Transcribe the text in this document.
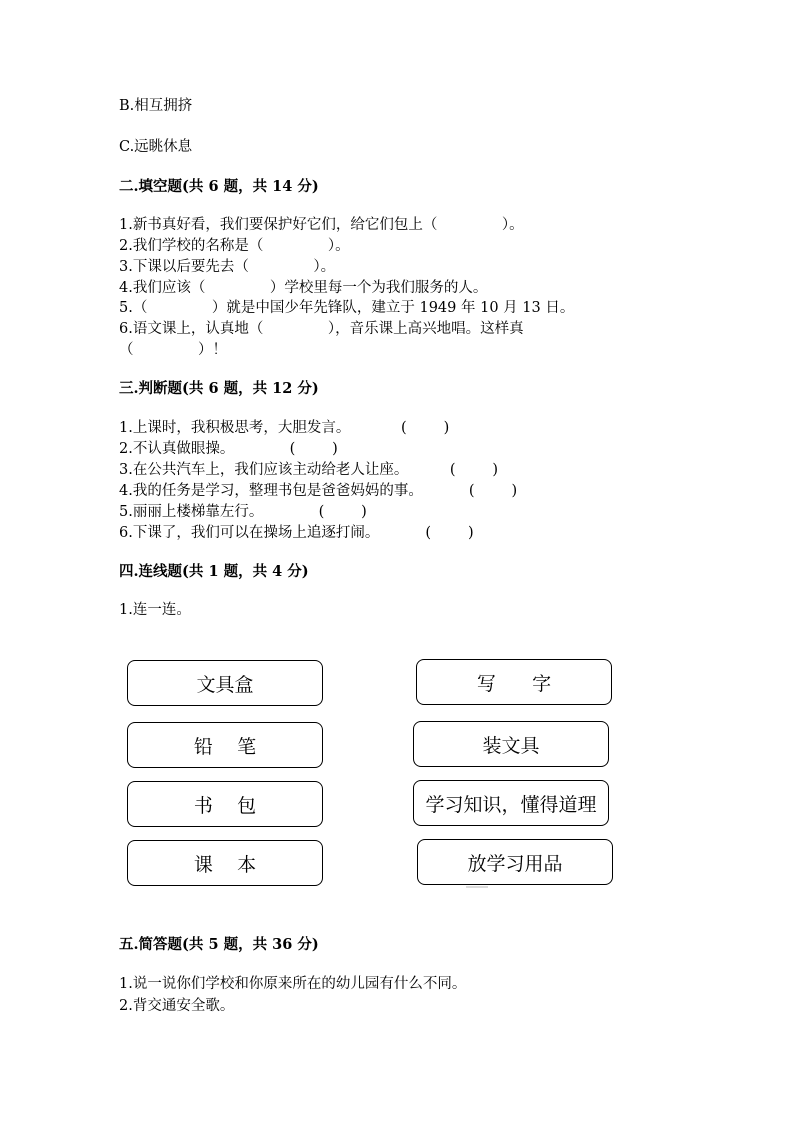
B.相互拥挤
C.远眺休息
二.填空题(共 6 题，共 14 分)
1.新书真好看，我们要保护好它们，给它们包上（              ）。
2.我们学校的名称是（              ）。
3.下课以后要先去（              ）。
4.我们应该（              ）学校里每一个为我们服务的人。
5.（              ）就是中国少年先锋队，建立于 1949 年 10 月 13 日。
6.语文课上，认真地（              ），音乐课上高兴地唱。这样真
（              ）！
三.判断题(共 6 题，共 12 分)
1.上课时，我积极思考，大胆发言。           (        )
2.不认真做眼操。            (        )
3.在公共汽车上，我们应该主动给老人让座。         (        )
4.我的任务是学习，整理书包是爸爸妈妈的事。          (        )
5.丽丽上楼梯靠左行。            (        )
6.下课了，我们可以在操场上追逐打闹。          (        )
四.连线题(共 1 题，共 4 分)
1.连一连。
文具盒
铅    笔
书    包
课    本
写      字
装文具
学习知识，懂得道理
放学习用品
五.简答题(共 5 题，共 36 分)
1.说一说你们学校和你原来所在的幼儿园有什么不同。
2.背交通安全歌。
